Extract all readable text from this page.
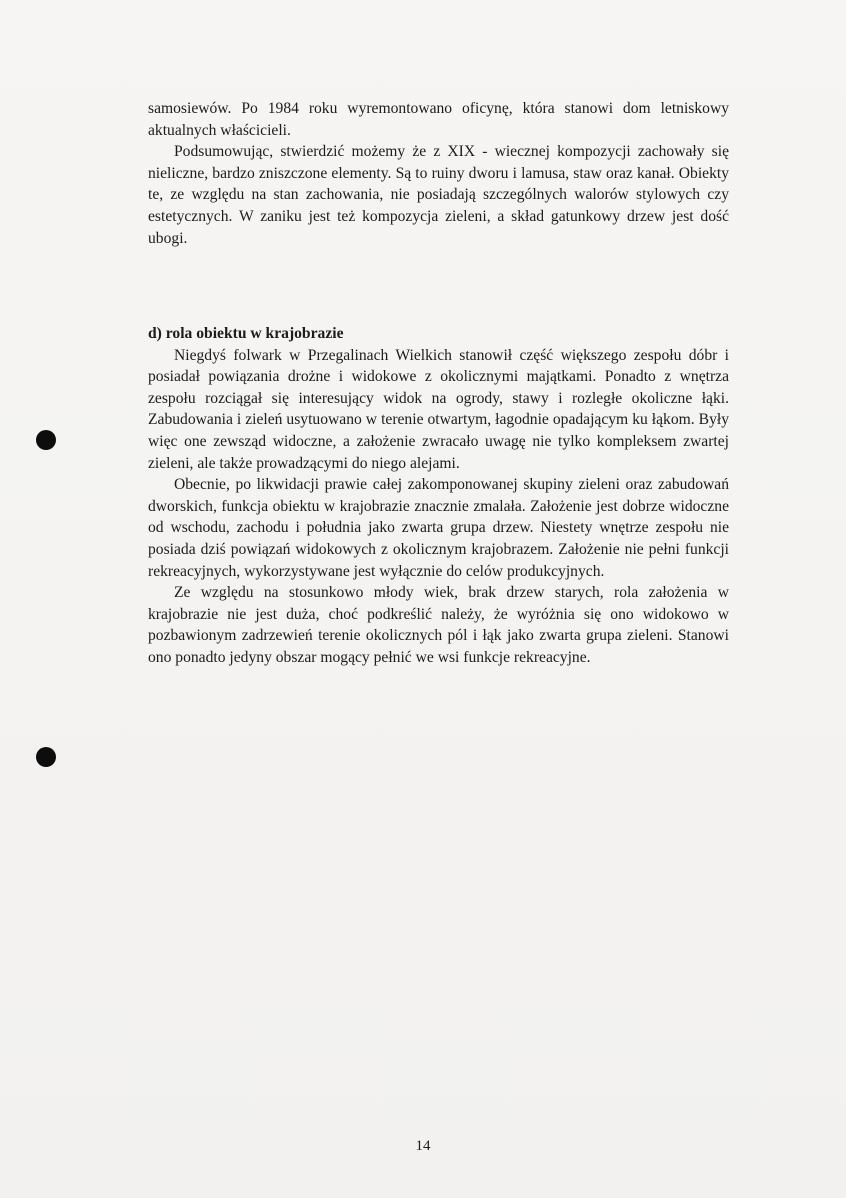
samosiewów. Po 1984 roku wyremontowano oficynę, która stanowi dom letniskowy aktualnych właścicieli.

Podsumowując, stwierdzić możemy że z XIX - wiecznej kompozycji zachowały się nieliczne, bardzo zniszczone elementy. Są to ruiny dworu i lamusa, staw oraz kanał. Obiekty te, ze względu na stan zachowania, nie posiadają szczególnych walorów stylowych czy estetycznych. W zaniku jest też kompozycja zieleni, a skład gatunkowy drzew jest dość ubogi.

d) rola obiektu w krajobrazie

Niegdyś folwark w Przegalinach Wielkich stanowił część większego zespołu dóbr i posiadał powiązania drożne i widokowe z okolicznymi majątkami. Ponadto z wnętrza zespołu rozciągał się interesujący widok na ogrody, stawy i rozległe okoliczne łąki. Zabudowania i zieleń usytuowano w terenie otwartym, łagodnie opadającym ku łąkom. Były więc one zewsząd widoczne, a założenie zwracało uwagę nie tylko kompleksem zwartej zieleni, ale także prowadzącymi do niego alejami.

Obecnie, po likwidacji prawie całej zakomponowanej skupiny zieleni oraz zabudowań dworskich, funkcja obiektu w krajobrazie znacznie zmalała. Założenie jest dobrze widoczne od wschodu, zachodu i południa jako zwarta grupa drzew. Niestety wnętrze zespołu nie posiada dziś powiązań widokowych z okolicznym krajobrazem. Założenie nie pełni funkcji rekreacyjnych, wykorzystywane jest wyłącznie do celów produkcyjnych.

Ze względu na stosunkowo młody wiek, brak drzew starych, rola założenia w krajobrazie nie jest duża, choć podkreślić należy, że wyróżnia się ono widokowo w pozbawionym zadrzewień terenie okolicznych pól i łąk jako zwarta grupa zieleni. Stanowi ono ponadto jedyny obszar mogący pełnić we wsi funkcje rekreacyjne.

14
